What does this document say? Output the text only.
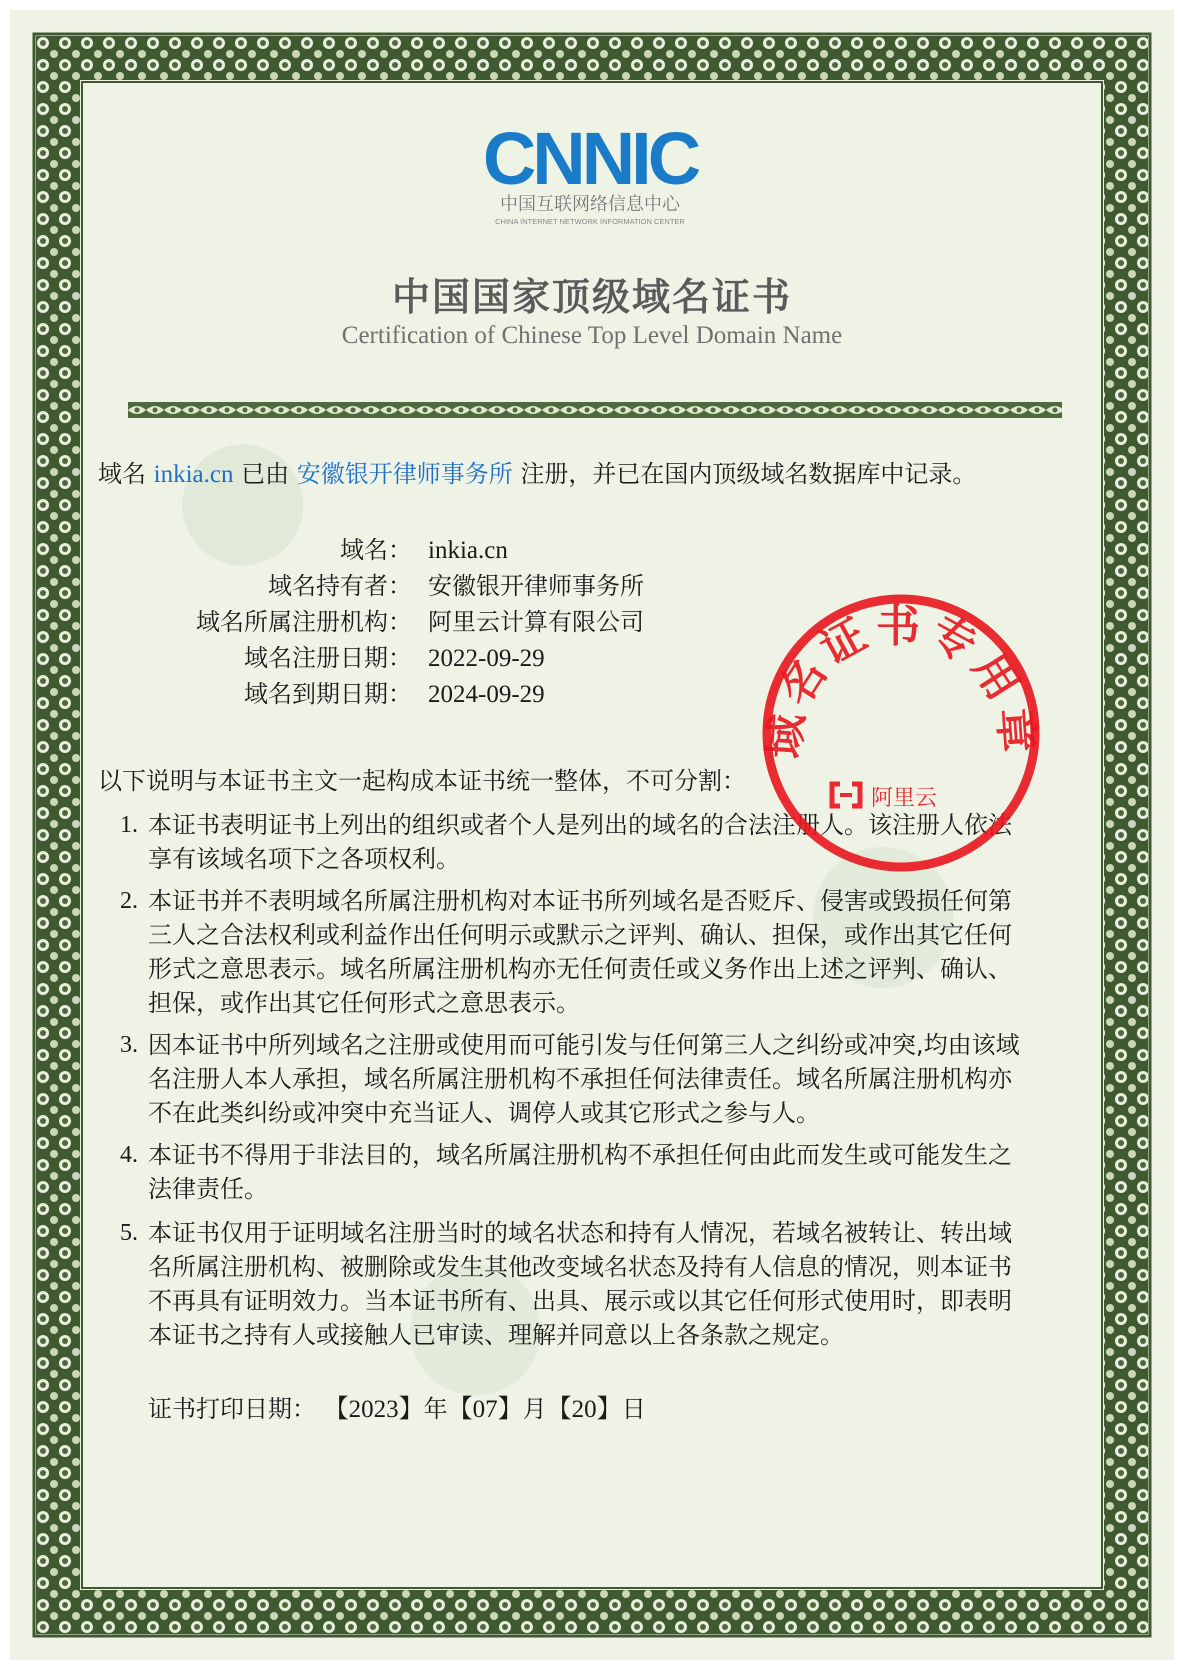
CNNIC
中国互联网络信息中心
CHINA INTERNET NETWORK INFORMATION CENTER
中国国家顶级域名证书
Certification of Chinese Top Level Domain Name
域名 inkia.cn 已由 安徽银开律师事务所 注册，并已在国内顶级域名数据库中记录。
域名： inkia.cn
域名持有者： 安徽银开律师事务所
域名所属注册机构： 阿里云计算有限公司
域名注册日期： 2022-09-29
域名到期日期： 2024-09-29
以下说明与本证书主文一起构成本证书统一整体，不可分割：
1. 本证书表明证书上列出的组织或者个人是列出的域名的合法注册人。该注册人依法
享有该域名项下之各项权利。
2. 本证书并不表明域名所属注册机构对本证书所列域名是否贬斥、侵害或毁损任何第
三人之合法权利或利益作出任何明示或默示之评判、确认、担保，或作出其它任何
形式之意思表示。域名所属注册机构亦无任何责任或义务作出上述之评判、确认、
担保，或作出其它任何形式之意思表示。
3. 因本证书中所列域名之注册或使用而可能引发与任何第三人之纠纷或冲突,均由该域
名注册人本人承担，域名所属注册机构不承担任何法律责任。域名所属注册机构亦
不在此类纠纷或冲突中充当证人、调停人或其它形式之参与人。
4. 本证书不得用于非法目的，域名所属注册机构不承担任何由此而发生或可能发生之
法律责任。
5. 本证书仅用于证明域名注册当时的域名状态和持有人情况，若域名被转让、转出域
名所属注册机构、被删除或发生其他改变域名状态及持有人信息的情况，则本证书
不再具有证明效力。当本证书所有、出具、展示或以其它任何形式使用时，即表明
本证书之持有人或接触人已审读、理解并同意以上各条款之规定。
证书打印日期： 【2023】年【07】月【20】日
域名证书专用章
阿里云
